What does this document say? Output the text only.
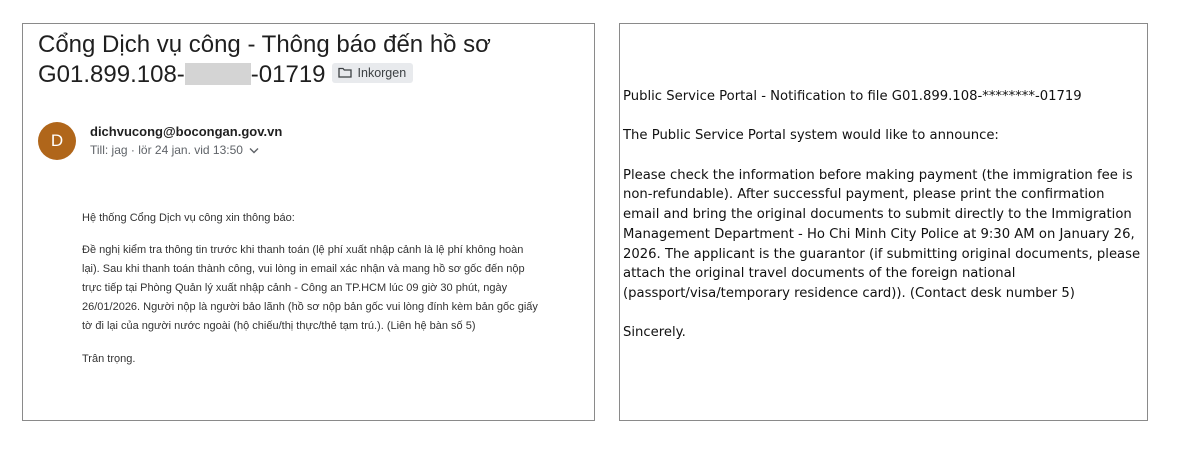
Cổng Dịch vụ công - Thông báo đến hồ sơ G01.899.108-	-01719	Inkorgen
D	dichvucong@bocongan.gov.vn
Till: jag · lör 24 jan. vid 13:50

Hệ thống Cổng Dịch vụ công xin thông báo:

Đề nghị kiểm tra thông tin trước khi thanh toán (lệ phí xuất nhập cảnh là lệ phí không hoàn lại). Sau khi thanh toán thành công, vui lòng in email xác nhận và mang hồ sơ gốc đến nộp trực tiếp tại Phòng Quản lý xuất nhập cảnh - Công an TP.HCM lúc 09 giờ 30 phút, ngày 26/01/2026. Người nộp là người bảo lãnh (hồ sơ nộp bản gốc vui lòng đính kèm bản gốc giấy tờ đi lại của người nước ngoài (hộ chiếu/thị thực/thẻ tạm trú.). (Liên hệ bàn số 5)

Trân trọng.

Public Service Portal - Notification to file G01.899.108-********-01719

The Public Service Portal system would like to announce:

Please check the information before making payment (the immigration fee is non-refundable). After successful payment, please print the confirmation email and bring the original documents to submit directly to the Immigration Management Department - Ho Chi Minh City Police at 9:30 AM on January 26, 2026. The applicant is the guarantor (if submitting original documents, please attach the original travel documents of the foreign national (passport/visa/temporary residence card)). (Contact desk number 5)

Sincerely.
